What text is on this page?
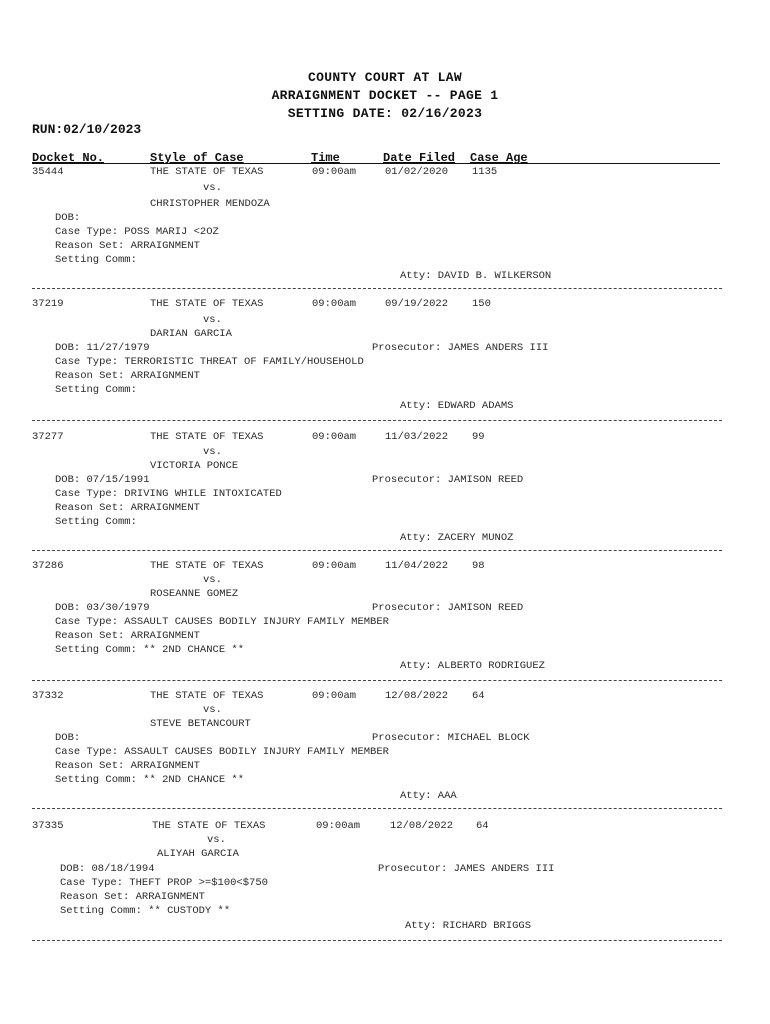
COUNTY COURT AT LAW
ARRAIGNMENT DOCKET -- PAGE 1
SETTING DATE: 02/16/2023
RUN:02/10/2023
Docket No.	Style of Case	Time	Date Filed Case Age
35444	THE STATE OF TEXAS	09:00am	01/02/2020 1135
vs.
CHRISTOPHER MENDOZA
DOB:
Case Type: POSS MARIJ <2OZ
Reason Set: ARRAIGNMENT
Setting Comm:
Atty: DAVID B. WILKERSON
37219	THE STATE OF TEXAS	09:00am	09/19/2022 150
vs.
DARIAN GARCIA
DOB: 11/27/1979	Prosecutor: JAMES ANDERS III
Case Type: TERRORISTIC THREAT OF FAMILY/HOUSEHOLD
Reason Set: ARRAIGNMENT
Setting Comm:
Atty: EDWARD ADAMS
37277	THE STATE OF TEXAS	09:00am	11/03/2022 99
vs.
VICTORIA PONCE
DOB: 07/15/1991	Prosecutor: JAMISON REED
Case Type: DRIVING WHILE INTOXICATED
Reason Set: ARRAIGNMENT
Setting Comm:
Atty: ZACERY MUNOZ
37286	THE STATE OF TEXAS	09:00am	11/04/2022 98
vs.
ROSEANNE GOMEZ
DOB: 03/30/1979	Prosecutor: JAMISON REED
Case Type: ASSAULT CAUSES BODILY INJURY FAMILY MEMBER
Reason Set: ARRAIGNMENT
Setting Comm: ** 2ND CHANCE **
Atty: ALBERTO RODRIGUEZ
37332	THE STATE OF TEXAS	09:00am	12/08/2022 64
vs.
STEVE BETANCOURT
DOB:	Prosecutor: MICHAEL BLOCK
Case Type: ASSAULT CAUSES BODILY INJURY FAMILY MEMBER
Reason Set: ARRAIGNMENT
Setting Comm: ** 2ND CHANCE **
Atty: AAA
37335	THE STATE OF TEXAS	09:00am	12/08/2022 64
vs.
ALIYAH GARCIA
DOB: 08/18/1994	Prosecutor: JAMES ANDERS III
Case Type: THEFT PROP >=$100<$750
Reason Set: ARRAIGNMENT
Setting Comm: ** CUSTODY **
Atty: RICHARD BRIGGS
